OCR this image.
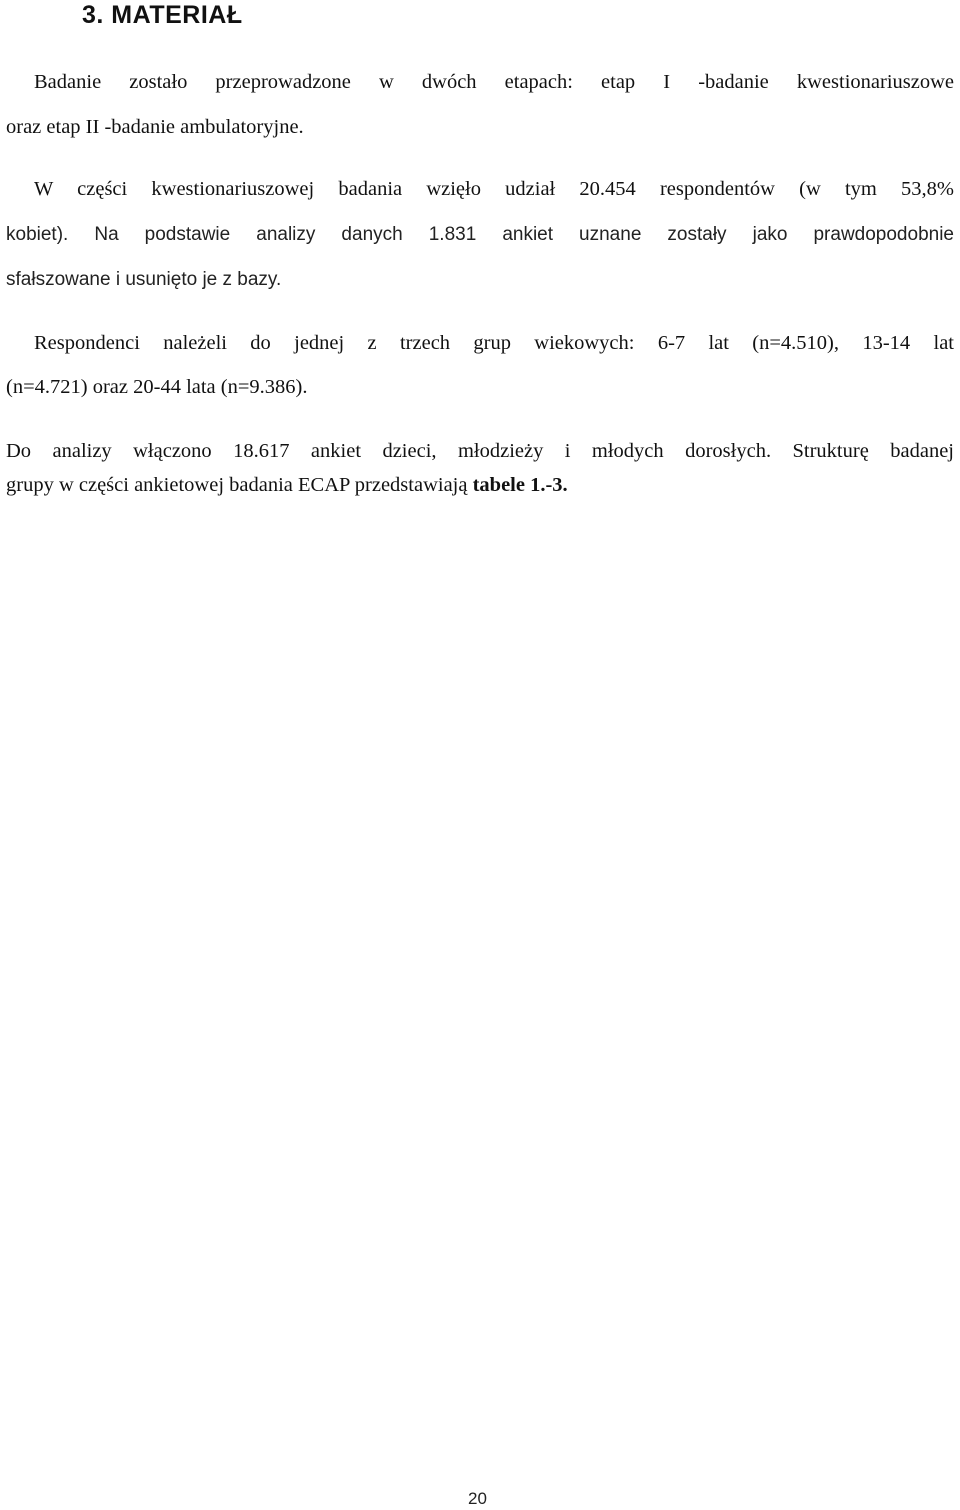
3. MATERIAŁ

Badanie zostało przeprowadzone w dwóch etapach: etap I -badanie kwestionariuszowe

oraz etap II -badanie ambulatoryjne.

W części kwestionariuszowej badania wzięło udział 20.454 respondentów (w tym 53,8%

kobiet). Na podstawie analizy danych 1.831 ankiet uznane zostały jako prawdopodobnie

sfałszowane i usunięto je z bazy.

Respondenci należeli do jednej z trzech grup wiekowych: 6-7 lat (n=4.510), 13-14 lat

(n=4.721) oraz 20-44 lata (n=9.386).

Do analizy włączono 18.617 ankiet dzieci, młodzieży i młodych dorosłych. Strukturę badanej

grupy w części ankietowej badania ECAP przedstawiają tabele 1.-3.

20
